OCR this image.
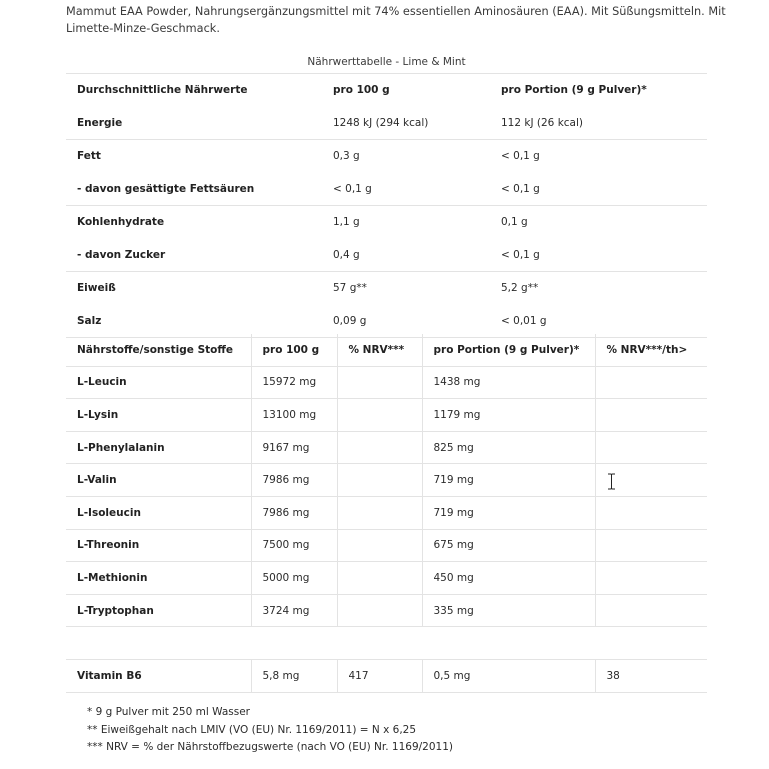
Mammut EAA Powder, Nahrungsergänzungsmittel mit 74% essentiellen Aminosäuren (EAA). Mit Süßungsmitteln. Mit Limette-Minze-Geschmack.
Nährwerttabelle - Lime & Mint
Durchschnittliche Nährwerte	pro 100 g	pro Portion (9 g Pulver)*
Energie	1248 kJ (294 kcal)	112 kJ (26 kcal)
Fett	0,3 g	< 0,1 g
- davon gesättigte Fettsäuren	< 0,1 g	< 0,1 g
Kohlenhydrate	1,1 g	0,1 g
- davon Zucker	0,4 g	< 0,1 g
Eiweiß	57 g**	5,2 g**
Salz	0,09 g	< 0,01 g
Nährstoffe/sonstige Stoffe	pro 100 g	% NRV***	pro Portion (9 g Pulver)*	% NRV***/th>
L-Leucin	15972 mg		1438 mg	
L-Lysin	13100 mg		1179 mg	
L-Phenylalanin	9167 mg		825 mg	
L-Valin	7986 mg		719 mg	
L-Isoleucin	7986 mg		719 mg	
L-Threonin	7500 mg		675 mg	
L-Methionin	5000 mg		450 mg	
L-Tryptophan	3724 mg		335 mg	

Vitamin B6	5,8 mg	417	0,5 mg	38
* 9 g Pulver mit 250 ml Wasser
** Eiweißgehalt nach LMIV (VO (EU) Nr. 1169/2011) = N x 6,25
*** NRV = % der Nährstoffbezugswerte (nach VO (EU) Nr. 1169/2011)
